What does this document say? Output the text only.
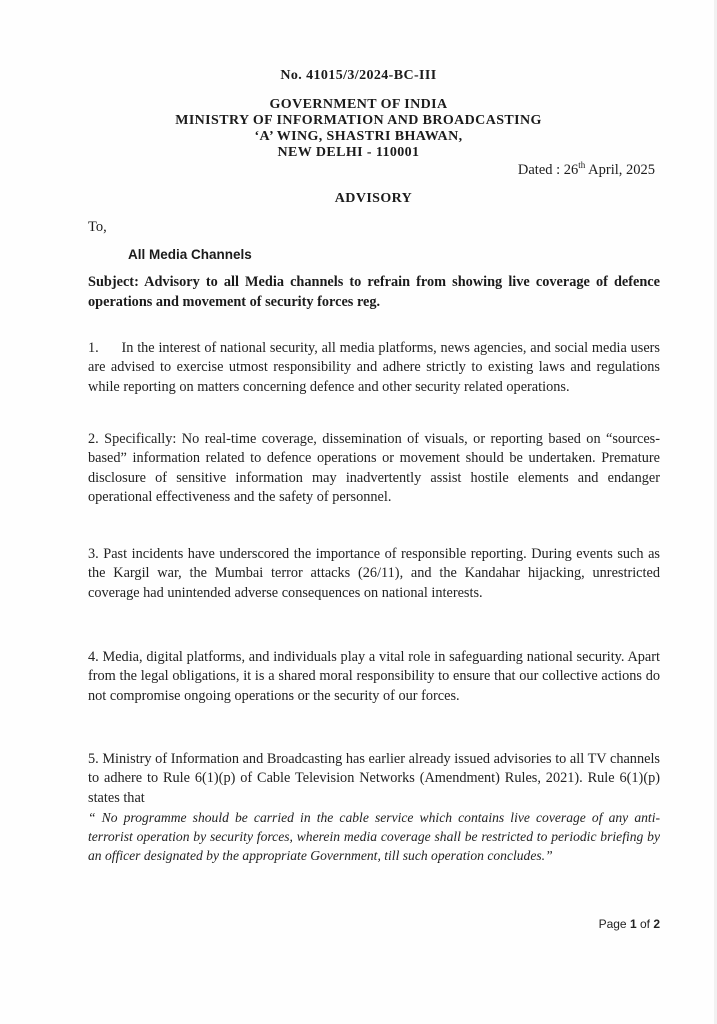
No. 41015/3/2024-BC-III
GOVERNMENT OF INDIA
MINISTRY OF INFORMATION AND BROADCASTING
‘A’ WING, SHASTRI BHAWAN,
NEW DELHI - 110001
Dated : 26th April, 2025
ADVISORY
To,
All Media Channels
Subject: Advisory to all Media channels to refrain from showing live coverage of defence operations and movement of security forces reg.
1.      In the interest of national security, all media platforms, news agencies, and social media users are advised to exercise utmost responsibility and adhere strictly to existing laws and regulations while reporting on matters concerning defence and other security related operations.
2. Specifically: No real-time coverage, dissemination of visuals, or reporting based on “sources-based” information related to defence operations or movement should be undertaken. Premature disclosure of sensitive information may inadvertently assist hostile elements and endanger operational effectiveness and the safety of personnel.
3. Past incidents have underscored the importance of responsible reporting. During events such as the Kargil war, the Mumbai terror attacks (26/11), and the Kandahar hijacking, unrestricted coverage had unintended adverse consequences on national interests.
4. Media, digital platforms, and individuals play a vital role in safeguarding national security. Apart from the legal obligations, it is a shared moral responsibility to ensure that our collective actions do not compromise ongoing operations or the security of our forces.
5. Ministry of Information and Broadcasting has earlier already issued advisories to all TV channels to adhere to Rule 6(1)(p) of Cable Television Networks (Amendment) Rules, 2021). Rule 6(1)(p) states that
“ No programme should be carried in the cable service which contains live coverage of any anti-terrorist operation by security forces, wherein media coverage shall be restricted to periodic briefing by an officer designated by the appropriate Government, till such operation concludes.”
Page 1 of 2
